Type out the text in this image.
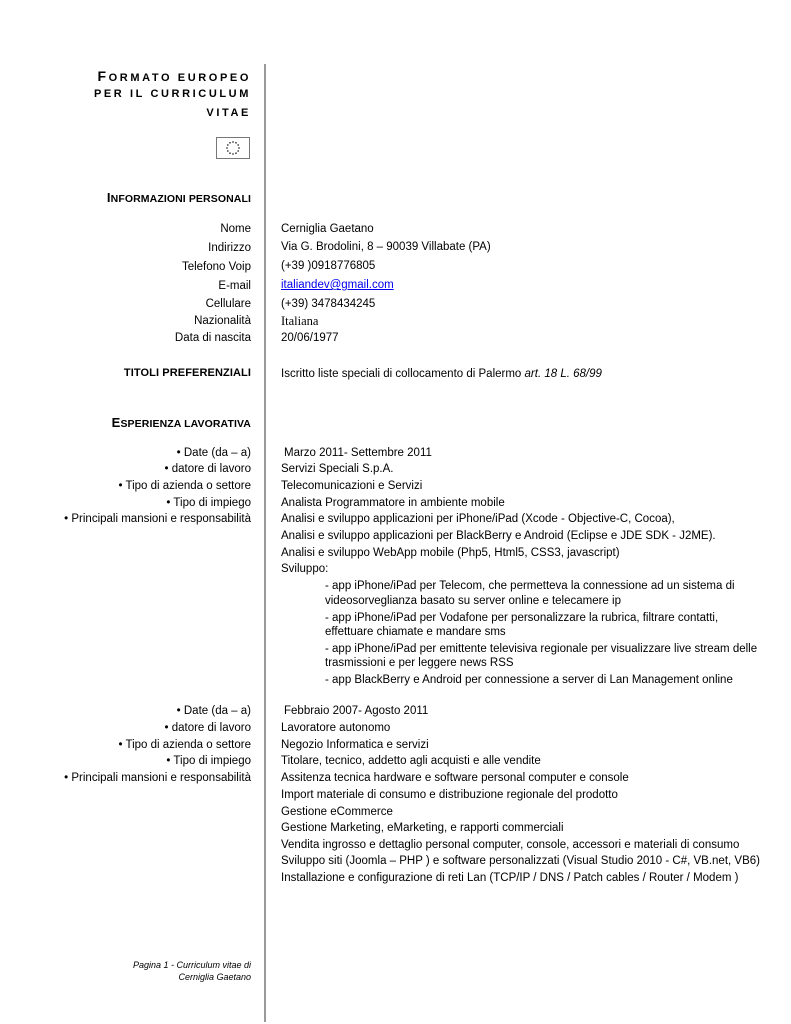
FORMATO EUROPEO
PER IL CURRICULUM
VITAE
INFORMAZIONI PERSONALI
Nome	Cerniglia Gaetano
Indirizzo	Via G. Brodolini, 8 – 90039 Villabate (PA)
Telefono Voip	(+39 )0918776805
E-mail	italiandev@gmail.com
Cellulare	(+39) 3478434245
Nazionalità Italiana
Data di nascita	20/06/1977
TITOLI PREFERENZIALI	Iscritto liste speciali di collocamento di Palermo art. 18 L. 68/99
ESPERIENZA LAVORATIVA
• Date (da – a)	Marzo 2011- Settembre 2011
• datore di lavoro	Servizi Speciali S.p.A.
• Tipo di azienda o settore	Telecomunicazioni e Servizi
• Tipo di impiego	Analista Programmatore in ambiente mobile
• Principali mansioni e responsabilità	Analisi e sviluppo applicazioni per iPhone/iPad (Xcode - Objective-C, Cocoa),
Analisi e sviluppo applicazioni per BlackBerry e Android (Eclipse e JDE SDK - J2ME).
Analisi e sviluppo WebApp mobile (Php5, Html5, CSS3, javascript)
Sviluppo:
- app iPhone/iPad per Telecom, che permetteva la connessione ad un sistema di
videosorveglianza basato su server online e telecamere ip
- app iPhone/iPad per Vodafone per personalizzare la rubrica, filtrare contatti,
effettuare chiamate e mandare sms
- app iPhone/iPad per emittente televisiva regionale per visualizzare live stream delle
trasmissioni e per leggere news RSS
- app BlackBerry e Android per connessione a server di Lan Management online
• Date (da – a)	Febbraio 2007- Agosto 2011
• datore di lavoro	Lavoratore autonomo
• Tipo di azienda o settore	Negozio Informatica e servizi
• Tipo di impiego	Titolare, tecnico, addetto agli acquisti e alle vendite
• Principali mansioni e responsabilità	Assitenza tecnica hardware e software personal computer e console
Import materiale di consumo e distribuzione regionale del prodotto
Gestione eCommerce
Gestione Marketing, eMarketing, e rapporti commerciali
Vendita ingrosso e dettaglio personal computer, console, accessori e materiali di consumo
Sviluppo siti (Joomla – PHP ) e software personalizzati (Visual Studio 2010 - C#, VB.net, VB6)
Installazione e configurazione di reti Lan (TCP/IP / DNS / Patch cables / Router / Modem )
Pagina 1 - Curriculum vitae di
Cerniglia Gaetano
